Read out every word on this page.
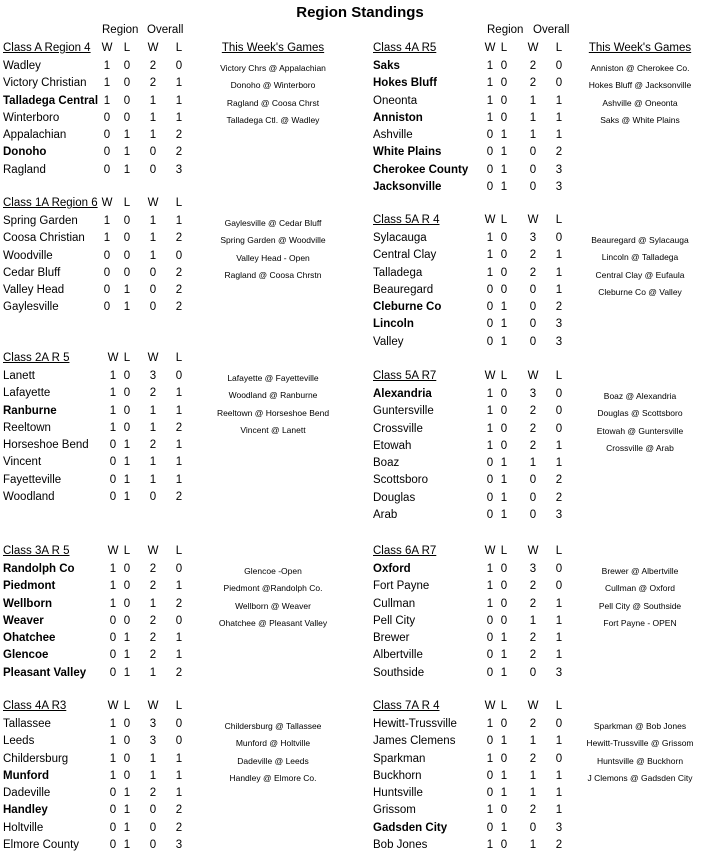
Region Standings
Region Overall	Region Overall
Class A Region 4 W L W L	This Week's Games
Wadley	1 0 2 0
Victory Christian 1 0 2 1
Talladega Central 1 0 1 1
Winterboro	0 0 1 1
Appalachian	0 1 1 2
Donoho	0 1 0 2
Ragland	0 1 0 3
Victory Chrs @ Appalachian
Donoho @ Winterboro
Ragland @ Coosa Chrst
Talladega Ctl. @ Wadley
Class 1A Region 6 W L W L
Spring Garden 1 0 1 1
Coosa Christian 1 0 1 2
Woodville	0 0 1 0
Cedar Bluff	0 0 0 2
Valley Head	0 1 0 2
Gaylesville	0 1 0 2
Gaylesville @ Cedar Bluff
Spring Garden @ Woodville
Valley Head - Open
Ragland @ Coosa Chrstn
Class 2A R 5	W L W L
Lanett	1 0 3 0
Lafayette	1 0 2 1
Ranburne	1 0 1 1
Reeltown	1 0 1 2
Horseshoe Bend 0 1 2 1
Vincent	0 1 1 1
Fayetteville	0 1 1 1
Woodland	0 1 0 2
Lafayette @ Fayetteville
Woodland @ Ranburne
Reeltown @ Horseshoe Bend
Vincent @ Lanett
Class 3A R 5	W L W L
Randolph Co	1 0 2 0
Piedmont	1 0 2 1
Wellborn	1 0 1 2
Weaver	0 0 2 0
Ohatchee	0 1 2 1
Glencoe	0 1 2 1
Pleasant Valley 0 1 1 2
Glencoe -Open
Piedmont @Randolph Co.
Wellborn @ Weaver
Ohatchee @ Pleasant Valley
Class 4A R3	W L W L
Tallassee	1 0 3 0
Leeds	1 0 3 0
Childersburg	1 0 1 1
Munford	1 0 1 1
Dadeville	0 1 2 1
Handley	0 1 0 2
Holtville	0 1 0 2
Elmore County	0 1 0 3
Childersburg @ Tallassee
Munford @ Holtville
Dadeville @ Leeds
Handley @ Elmore Co.
Class 4A R5	W L W L	This Week's Games
Saks	1 0 2 0
Hokes Bluff	1 0 2 0
Oneonta	1 0 1 1
Anniston	1 0 1 1
Ashville	0 1 1 1
White Plains	0 1 0 2
Cherokee County 0 1 0 3
Jacksonville	0 1 0 3
Anniston @ Cherokee Co.
Hokes Bluff @ Jacksonville
Ashville @ Oneonta
Saks @ White Plains
Class 5A R 4	W L W L
Sylacauga	1 0 3 0
Central Clay	1 0 2 1
Talladega	1 0 2 1
Beauregard	0 0 0 1
Cleburne Co	0 1 0 2
Lincoln	0 1 0 3
Valley	0 1 0 3
Beauregard @ Sylacauga
Lincoln @ Talladega
Central Clay @ Eufaula
Cleburne Co @ Valley
Class 5A R7	W L W L
Alexandria	1 0 3 0
Guntersville	1 0 2 0
Crossville	1 0 2 0
Etowah	1 0 2 1
Boaz	0 1 1 1
Scottsboro	0 1 0 2
Douglas	0 1 0 2
Arab	0 1 0 3
Boaz @ Alexandria
Douglas @ Scottsboro
Etowah @ Guntersville
Crossville @ Arab
Class 6A R7	W L W L
Oxford	1 0 3 0
Fort Payne	1 0 2 0
Cullman	1 0 2 1
Pell City	0 0 1 1
Brewer	0 1 2 1
Albertville	0 1 2 1
Southside	0 1 0 3
Brewer @ Albertville
Cullman @ Oxford
Pell City @ Southside
Fort Payne - OPEN
Class 7A R 4	W L W L
Hewitt-Trussville	1 0 2 0
James Clemens	0 1 1 1
Sparkman	1 0 2 0
Buckhorn	0 1 1 1
Huntsville	0 1 1 1
Grissom	1 0 2 1
Gadsden City	0 1 0 3
Bob Jones	1 0 1 2
Sparkman @ Bob Jones
Hewitt-Trussville @ Grissom
Huntsville @ Buckhorn
J Clemons @ Gadsden City
